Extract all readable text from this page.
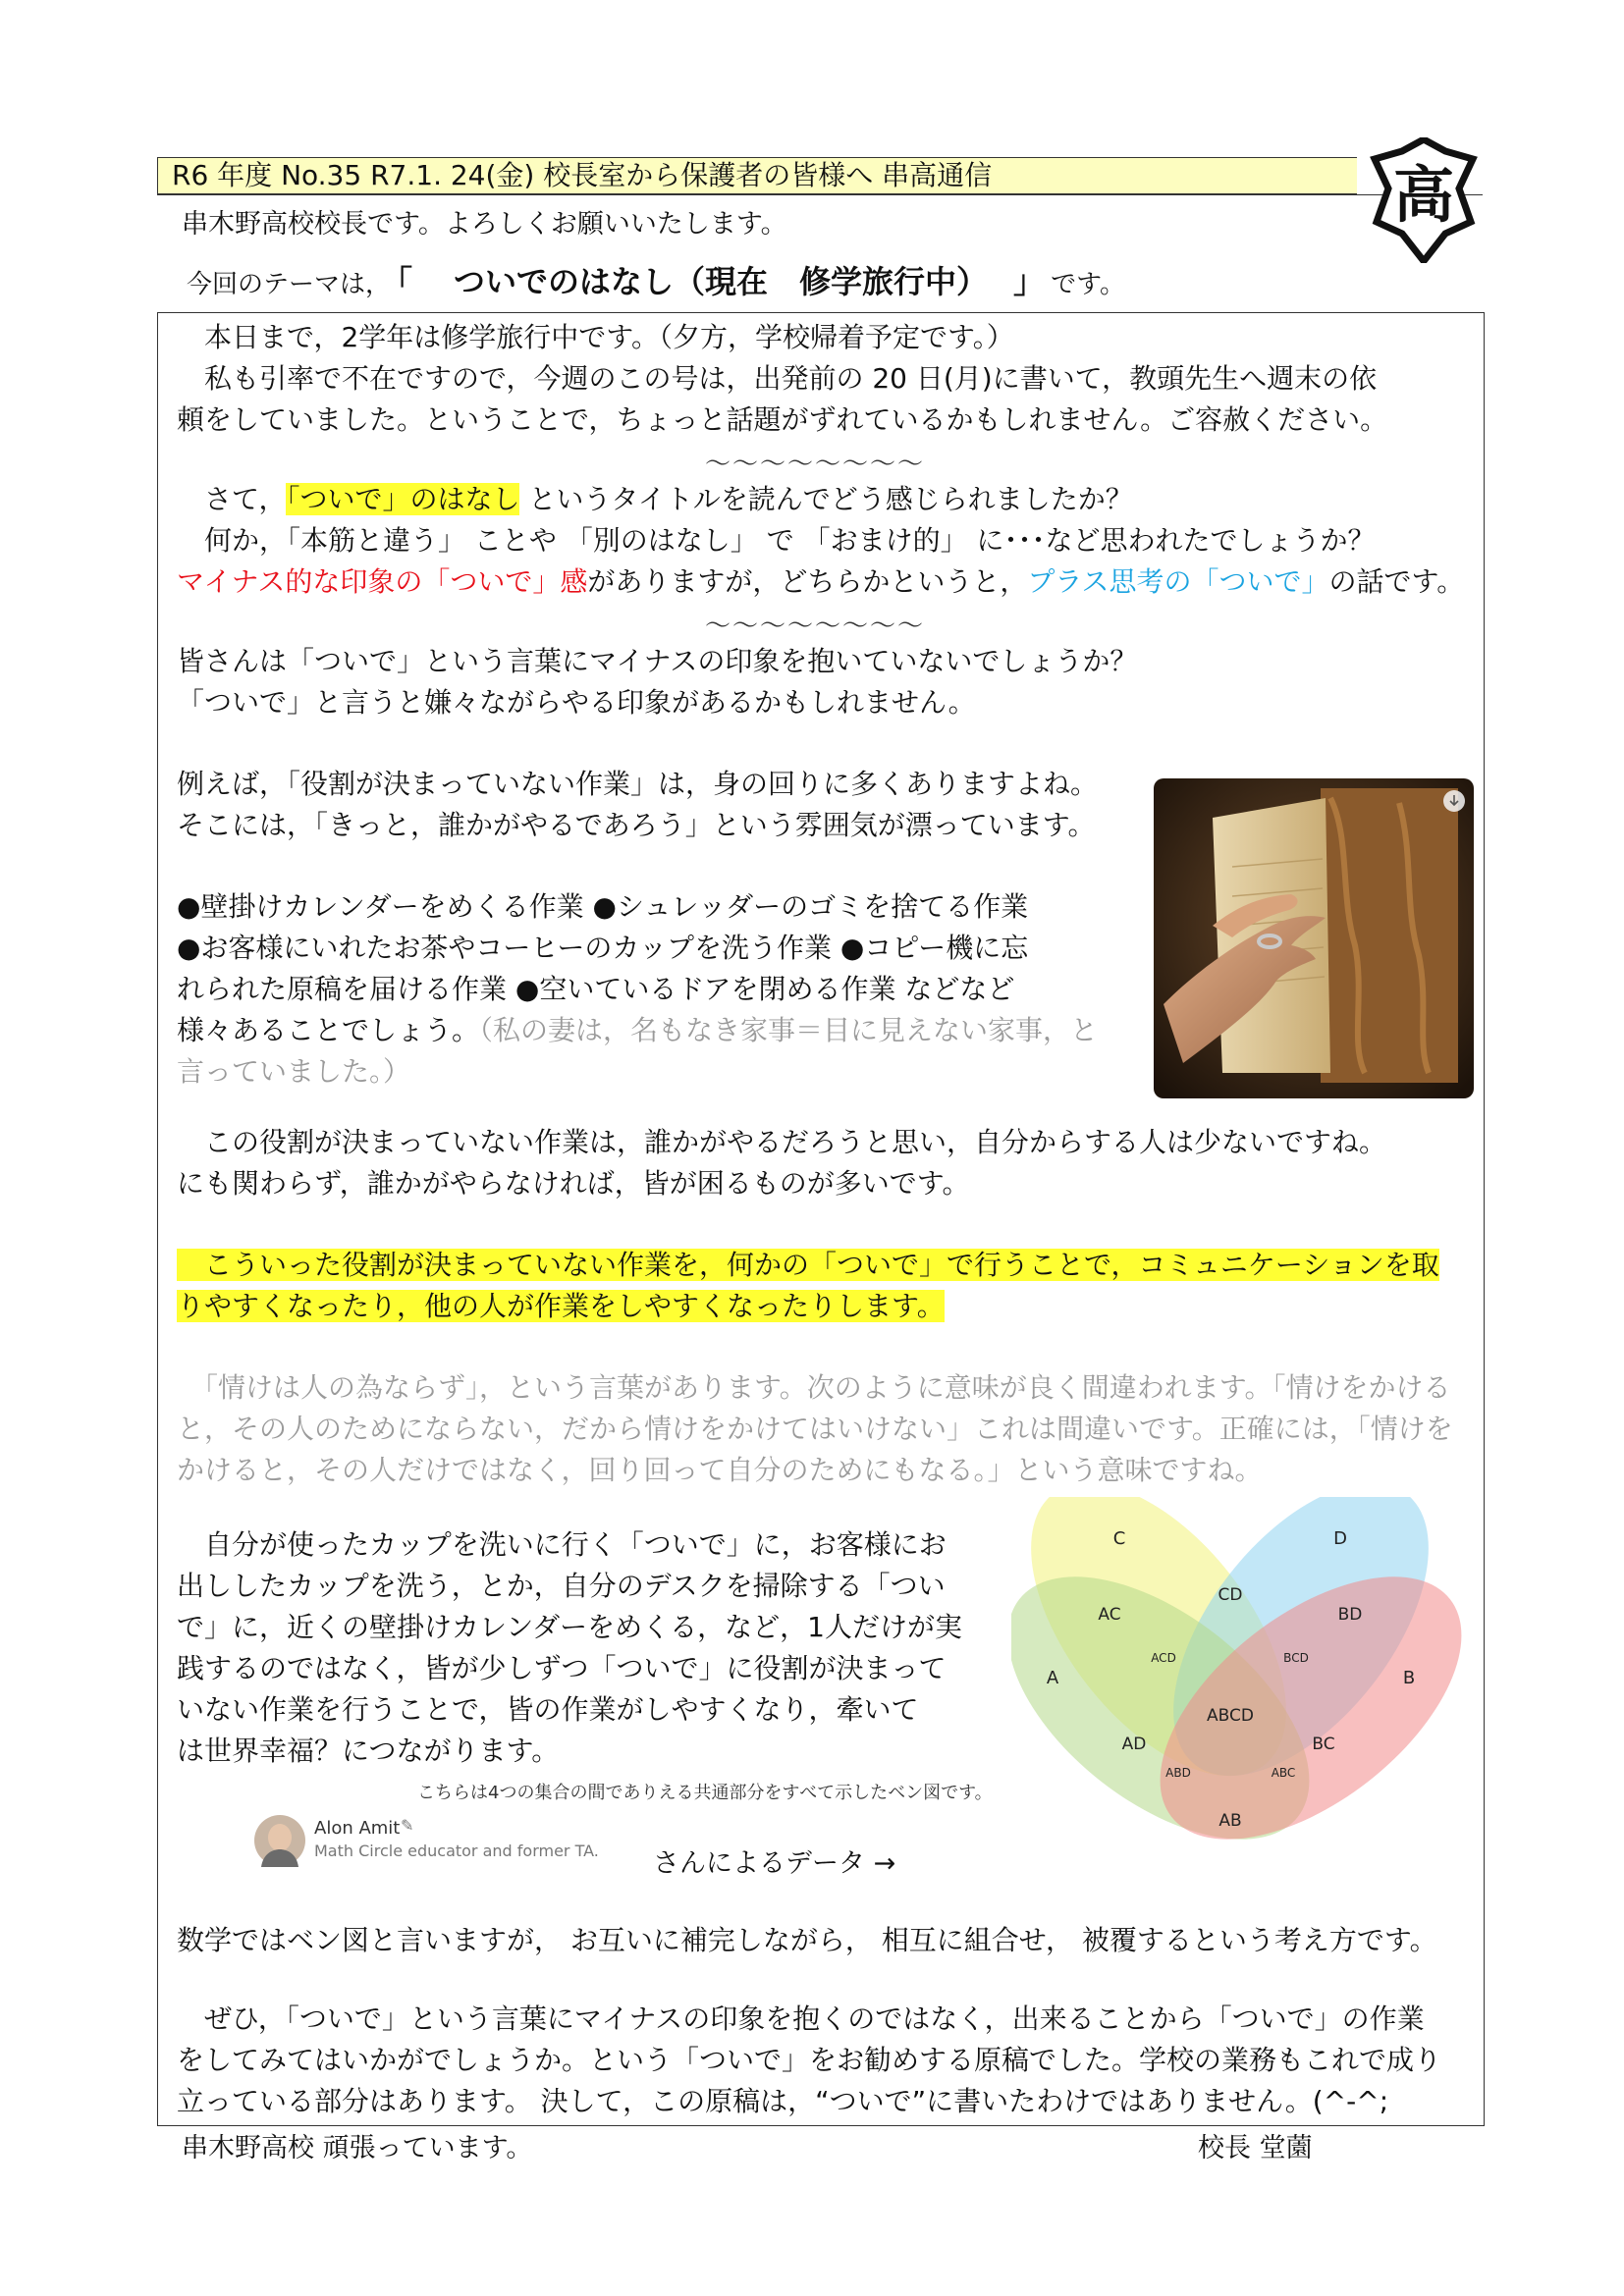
R6 年度 No.35 R7.1. 24(金) 校長室から保護者の皆様へ 串高通信	高
串木野高校校長です。よろしくお願いいたします。
今回のテーマは， 「 ついでのはなし（現在　修学旅行中） 」 です。
　本日まで，2学年は修学旅行中です。（夕方，学校帰着予定です。）
　私も引率で不在ですので，今週のこの号は，出発前の 20 日(月)に書いて，教頭先生へ週末の依
頼をしていました。ということで，ちょっと話題がずれているかもしれません。ご容赦ください。
〜〜〜〜〜〜〜〜
　さて，「ついで」のはなし というタイトルを読んでどう感じられましたか？
　何か，「本筋と違う」 ことや 「別のはなし」 で 「おまけ的」 に･･･など思われたでしょうか？
マイナス的な印象の「ついで」感がありますが，どちらかというと，プラス思考の「ついで」の話です。
〜〜〜〜〜〜〜〜
皆さんは「ついで」という言葉にマイナスの印象を抱いていないでしょうか？
「ついで」と言うと嫌々ながらやる印象があるかもしれません。
例えば，「役割が決まっていない作業」は，身の回りに多くありますよね。
そこには，「きっと，誰かがやるであろう」という雰囲気が漂っています。
●壁掛けカレンダーをめくる作業 ●シュレッダーのゴミを捨てる作業
●お客様にいれたお茶やコーヒーのカップを洗う作業 ●コピー機に忘
れられた原稿を届ける作業 ●空いているドアを閉める作業 などなど
様々あることでしょう。（私の妻は，名もなき家事＝目に見えない家事，と
言っていました。）
　この役割が決まっていない作業は，誰かがやるだろうと思い，自分からする人は少ないですね。
にも関わらず，誰かがやらなければ，皆が困るものが多いです。
　こういった役割が決まっていない作業を，何かの「ついで」で行うことで，コミュニケーションを取
りやすくなったり，他の人が作業をしやすくなったりします。
　「情けは人の為ならず」，という言葉があります。次のように意味が良く間違われます。「情けをかける
と，その人のためにならない，だから情けをかけてはいけない」これは間違いです。正確には，「情けを
かけると，その人だけではなく，回り回って自分のためにもなる。」という意味ですね。
　自分が使ったカップを洗いに行く「ついで」に，お客様にお
出ししたカップを洗う，とか，自分のデスクを掃除する「つい
で」に，近くの壁掛けカレンダーをめくる，など，1人だけが実
践するのではなく，皆が少しずつ「ついで」に役割が決まって
いない作業を行うことで，皆の作業がしやすくなり，牽いて
は世界幸福？につながります。
C	D
A	B
AC
CD
BD
ACD	BCD
ABCD
AD	BC
ABD	ABC
AB
こちらは4つの集合の間でありえる共通部分をすべて示したベン図です。
Alon Amit ✎
Math Circle educator and former TA. さんによるデータ →
数学ではベン図と言いますが， お互いに補完しながら， 相互に組合せ， 被覆するという考え方です。
　ぜひ，「ついで」という言葉にマイナスの印象を抱くのではなく，出来ることから「ついで」の作業
をしてみてはいかがでしょうか。という「ついで」をお勧めする原稿でした。学校の業務もこれで成り
立っている部分はあります。 決して，この原稿は，“ついで”に書いたわけではありません。(^-^;
串木野高校 頑張っています。	校長 堂薗
